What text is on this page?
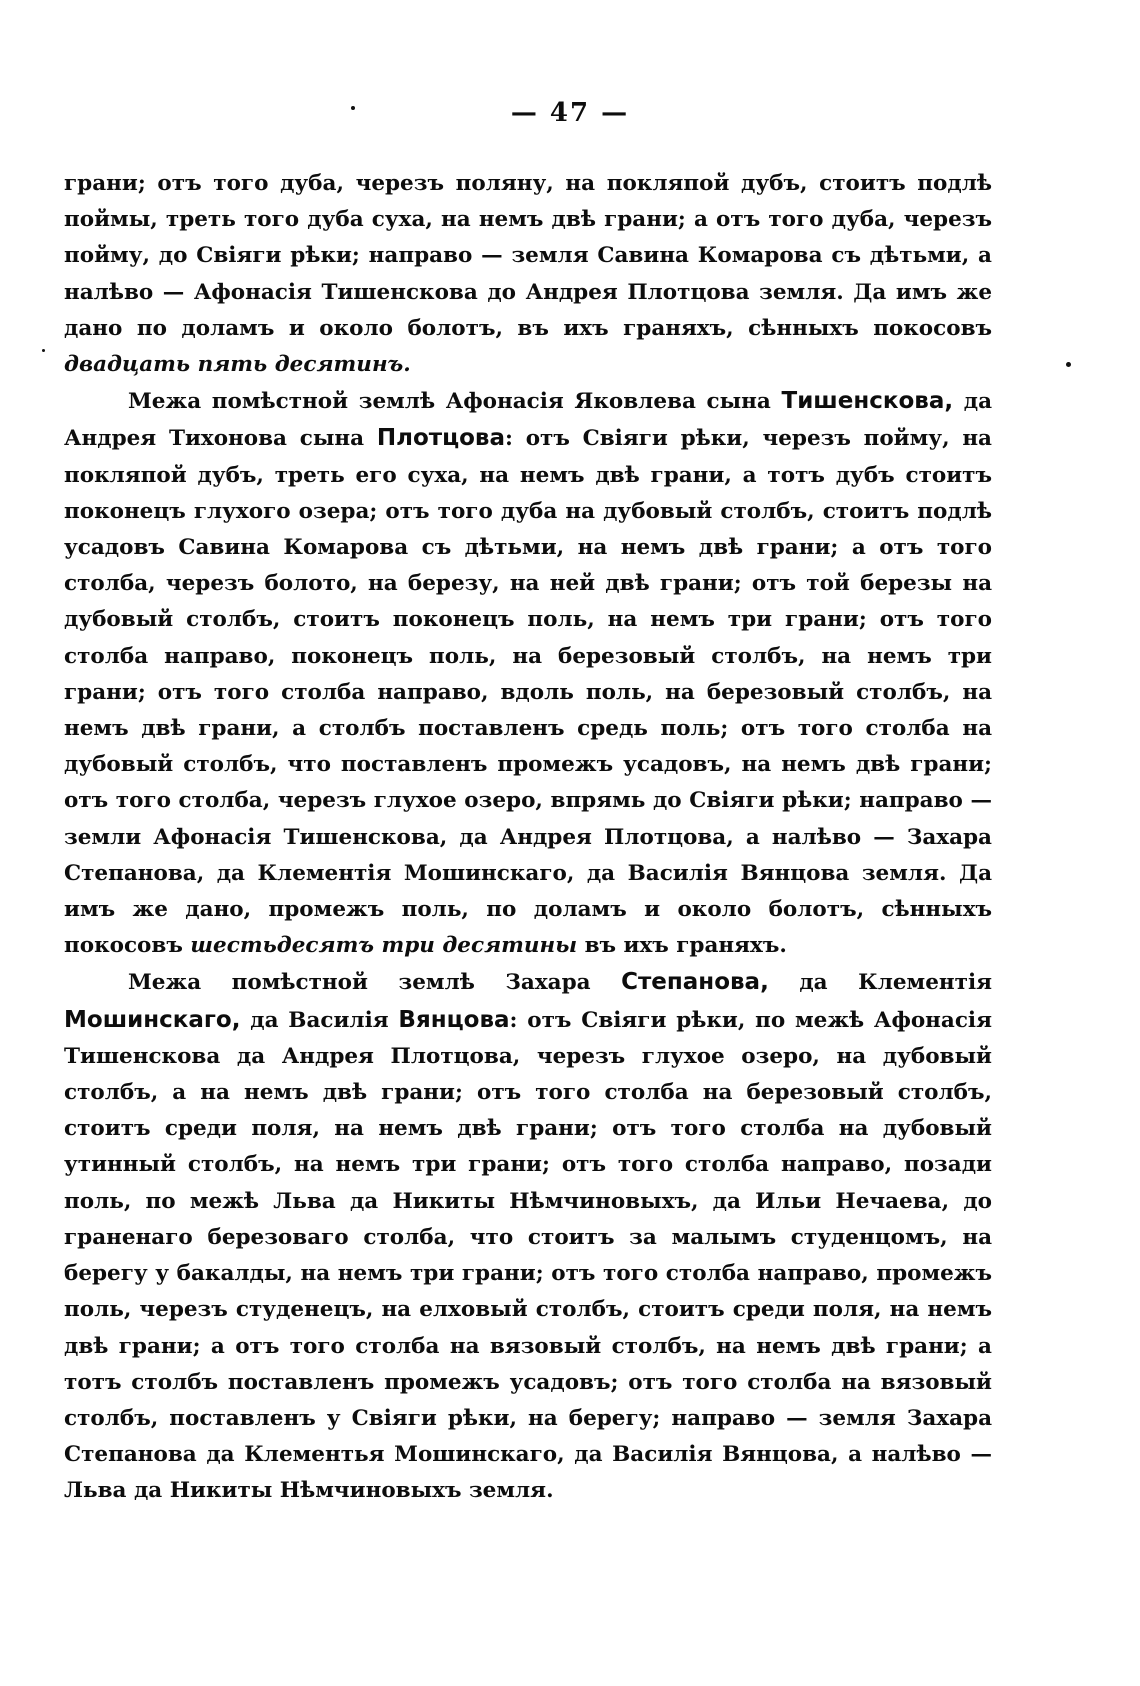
— 47 —

грани; отъ того дуба, черезъ поляну, на покляпой дубъ, стоитъ подлѣ поймы, треть того дуба суха, на немъ двѣ грани; а отъ того дуба, черезъ пойму, до Свіяги рѣки; направо — земля Савина Комарова съ дѣтьми, а налѣво — Афонасія Тишенскова до Андрея Плотцова земля. Да имъ же дано по доламъ и около болотъ, въ ихъ граняхъ, сѣнныхъ покосовъ двадцать пять десятинъ.

Межа помѣстной землѣ Афонасія Яковлева сына Тишенскова, да Андрея Тихонова сына Плотцова: отъ Свіяги рѣки, черезъ пойму, на покляпой дубъ, треть его суха, на немъ двѣ грани, а тотъ дубъ стоитъ поконецъ глухого озера; отъ того дуба на дубовый столбъ, стоитъ подлѣ усадовъ Савина Комарова съ дѣтьми, на немъ двѣ грани; а отъ того столба, черезъ болото, на березу, на ней двѣ грани; отъ той березы на дубовый столбъ, стоитъ поконецъ поль, на немъ три грани; отъ того столба направо, поконецъ поль, на березовый столбъ, на немъ три грани; отъ того столба направо, вдоль поль, на березовый столбъ, на немъ двѣ грани, а столбъ поставленъ средь поль; отъ того столба на дубовый столбъ, что поставленъ промежъ усадовъ, на немъ двѣ грани; отъ того столба, черезъ глухое озеро, впрямь до Свіяги рѣки; направо — земли Афонасія Тишенскова, да Андрея Плотцова, а налѣво — Захара Степанова, да Клементія Мошинскаго, да Василія Вянцова земля. Да имъ же дано, промежъ поль, по доламъ и около болотъ, сѣнныхъ покосовъ шестьдесятъ три десятины въ ихъ граняхъ.

Межа помѣстной землѣ Захара Степанова, да Клементія Мошинскаго, да Василія Вянцова: отъ Свіяги рѣки, по межѣ Афонасія Тишенскова да Андрея Плотцова, черезъ глухое озеро, на дубовый столбъ, а на немъ двѣ грани; отъ того столба на березовый столбъ, стоитъ среди поля, на немъ двѣ грани; отъ того столба на дубовый утинный столбъ, на немъ три грани; отъ того столба направо, позади поль, по межѣ Льва да Никиты Нѣмчиновыхъ, да Ильи Нечаева, до граненаго березоваго столба, что стоитъ за малымъ студенцомъ, на берегу у бакалды, на немъ три грани; отъ того столба направо, промежъ поль, черезъ студенецъ, на елховый столбъ, стоитъ среди поля, на немъ двѣ грани; а отъ того столба на вязовый столбъ, на немъ двѣ грани; а тотъ столбъ поставленъ промежъ усадовъ; отъ того столба на вязовый столбъ, поставленъ у Свіяги рѣки, на берегу; направо — земля Захара Степанова да Клементья Мошинскаго, да Василія Вянцова, а налѣво — Льва да Никиты Нѣмчиновыхъ земля.
